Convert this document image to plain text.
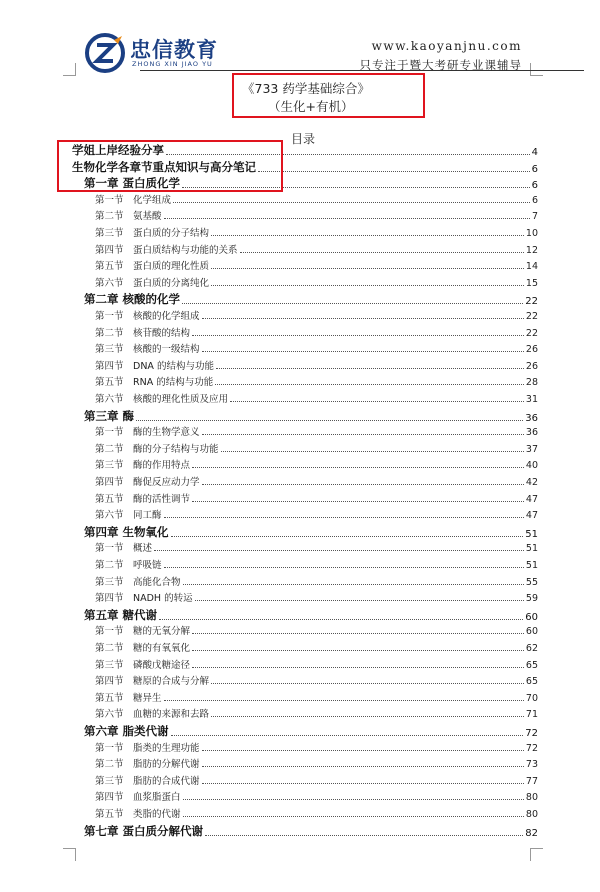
忠信教育
ZHONG XIN JIAO YU
www.kaoyanjnu.com
只专注于暨大考研专业课辅导
《733 药学基础综合》
（生化+有机）
目录
学姐上岸经验分享	4
生物化学各章节重点知识与高分笔记	6
第一章 蛋白质化学	6
第一节 化学组成	6
第二节 氨基酸	7
第三节 蛋白质的分子结构	10
第四节 蛋白质结构与功能的关系	12
第五节 蛋白质的理化性质	14
第六节 蛋白质的分离纯化	15
第二章 核酸的化学	22
第一节 核酸的化学组成	22
第二节 核苷酸的结构	22
第三节 核酸的一级结构	26
第四节 DNA 的结构与功能	26
第五节 RNA 的结构与功能	28
第六节 核酸的理化性质及应用	31
第三章 酶	36
第一节 酶的生物学意义	36
第二节 酶的分子结构与功能	37
第三节 酶的作用特点	40
第四节 酶促反应动力学	42
第五节 酶的活性调节	47
第六节 同工酶	47
第四章 生物氧化	51
第一节 概述	51
第二节 呼吸链	51
第三节 高能化合物	55
第四节 NADH 的转运	59
第五章 糖代谢	60
第一节 糖的无氧分解	60
第二节 糖的有氧氧化	62
第三节 磷酸戊糖途径	65
第四节 糖原的合成与分解	65
第五节 糖异生	70
第六节 血糖的来源和去路	71
第六章 脂类代谢	72
第一节 脂类的生理功能	72
第二节 脂肪的分解代谢	73
第三节 脂肪的合成代谢	77
第四节 血浆脂蛋白	80
第五节 类脂的代谢	80
第七章 蛋白质分解代谢	82
